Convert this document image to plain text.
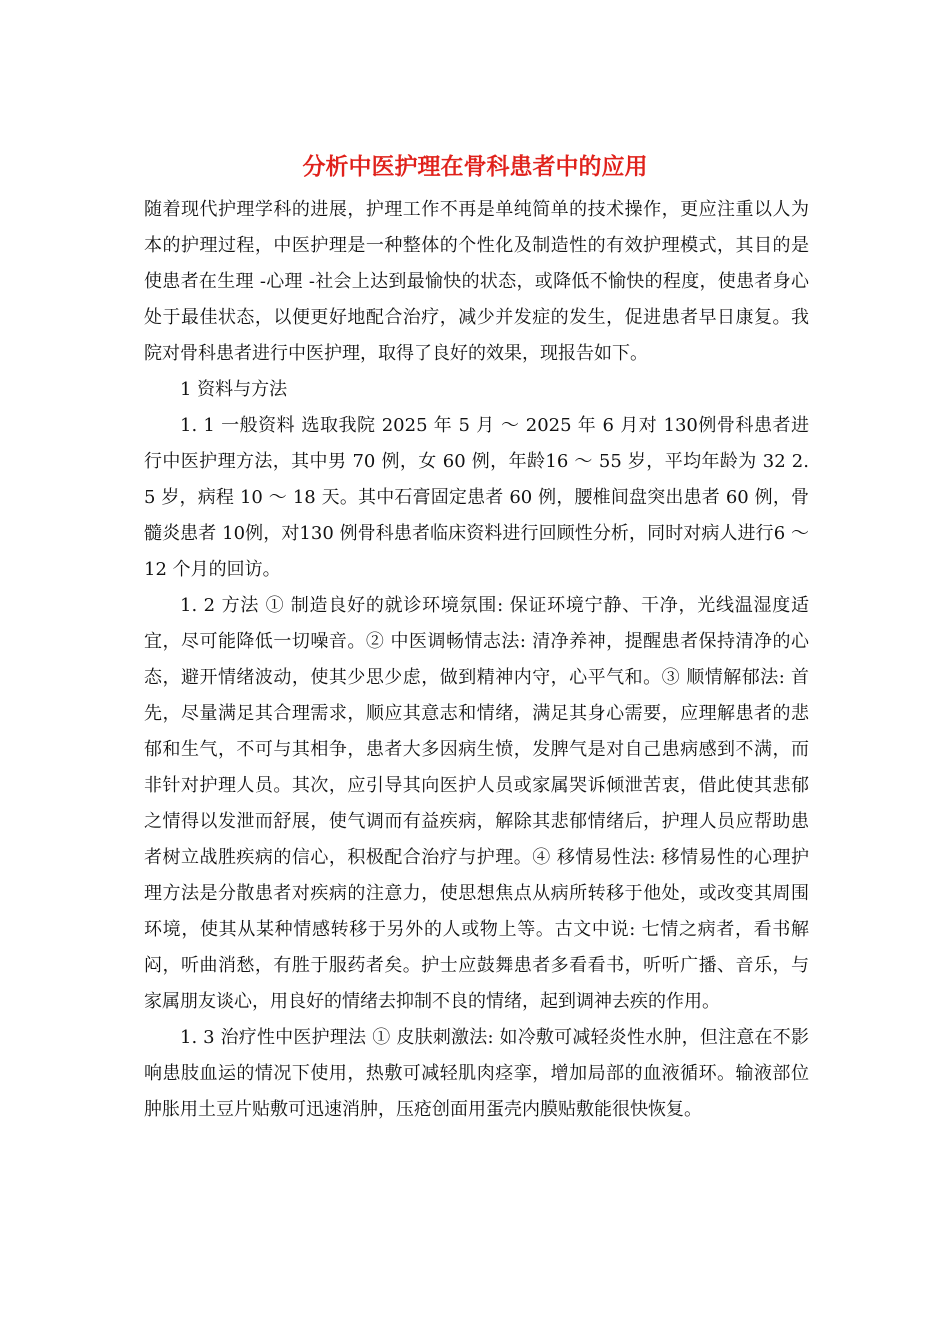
分析中医护理在骨科患者中的应用

随着现代护理学科的进展，护理工作不再是单纯简单的技术操作，更应注重以人为本的护理过程，中医护理是一种整体的个性化及制造性的有效护理模式，其目的是使患者在生理 -心理 -社会上达到最愉快的状态，或降低不愉快的程度，使患者身心处于最佳状态，以便更好地配合治疗，减少并发症的发生，促进患者早日康复。我院对骨科患者进行中医护理，取得了良好的效果，现报告如下。

1 资料与方法

1. 1 一般资料 选取我院 2025 年 5 月 ～ 2025 年 6 月对 130例骨科患者进行中医护理方法，其中男 70 例，女 60 例，年龄16 ～ 55 岁，平均年龄为 32 2. 5 岁，病程 10 ～ 18 天。其中石膏固定患者 60 例，腰椎间盘突出患者 60 例，骨髓炎患者 10例，对130 例骨科患者临床资料进行回顾性分析，同时对病人进行6 ～12 个月的回访。

1. 2 方法 ① 制造良好的就诊环境氛围: 保证环境宁静、干净，光线温湿度适宜，尽可能降低一切噪音。② 中医调畅情志法: 清净养神，提醒患者保持清净的心态，避开情绪波动，使其少思少虑，做到精神内守，心平气和。③ 顺情解郁法: 首先，尽量满足其合理需求，顺应其意志和情绪，满足其身心需要，应理解患者的悲郁和生气，不可与其相争，患者大多因病生愤，发脾气是对自己患病感到不满，而非针对护理人员。其次，应引导其向医护人员或家属哭诉倾泄苦衷，借此使其悲郁之情得以发泄而舒展，使气调而有益疾病，解除其悲郁情绪后，护理人员应帮助患者树立战胜疾病的信心，积极配合治疗与护理。④ 移情易性法: 移情易性的心理护理方法是分散患者对疾病的注意力，使思想焦点从病所转移于他处，或改变其周围环境，使其从某种情感转移于另外的人或物上等。古文中说: 七情之病者，看书解闷，听曲消愁，有胜于服药者矣。护士应鼓舞患者多看看书，听听广播、音乐，与家属朋友谈心，用良好的情绪去抑制不良的情绪，起到调神去疾的作用。

1. 3 治疗性中医护理法 ① 皮肤刺激法: 如冷敷可减轻炎性水肿，但注意在不影响患肢血运的情况下使用，热敷可减轻肌肉痉挛，增加局部的血液循环。输液部位肿胀用土豆片贴敷可迅速消肿，压疮创面用蛋壳内膜贴敷能很快恢复。
